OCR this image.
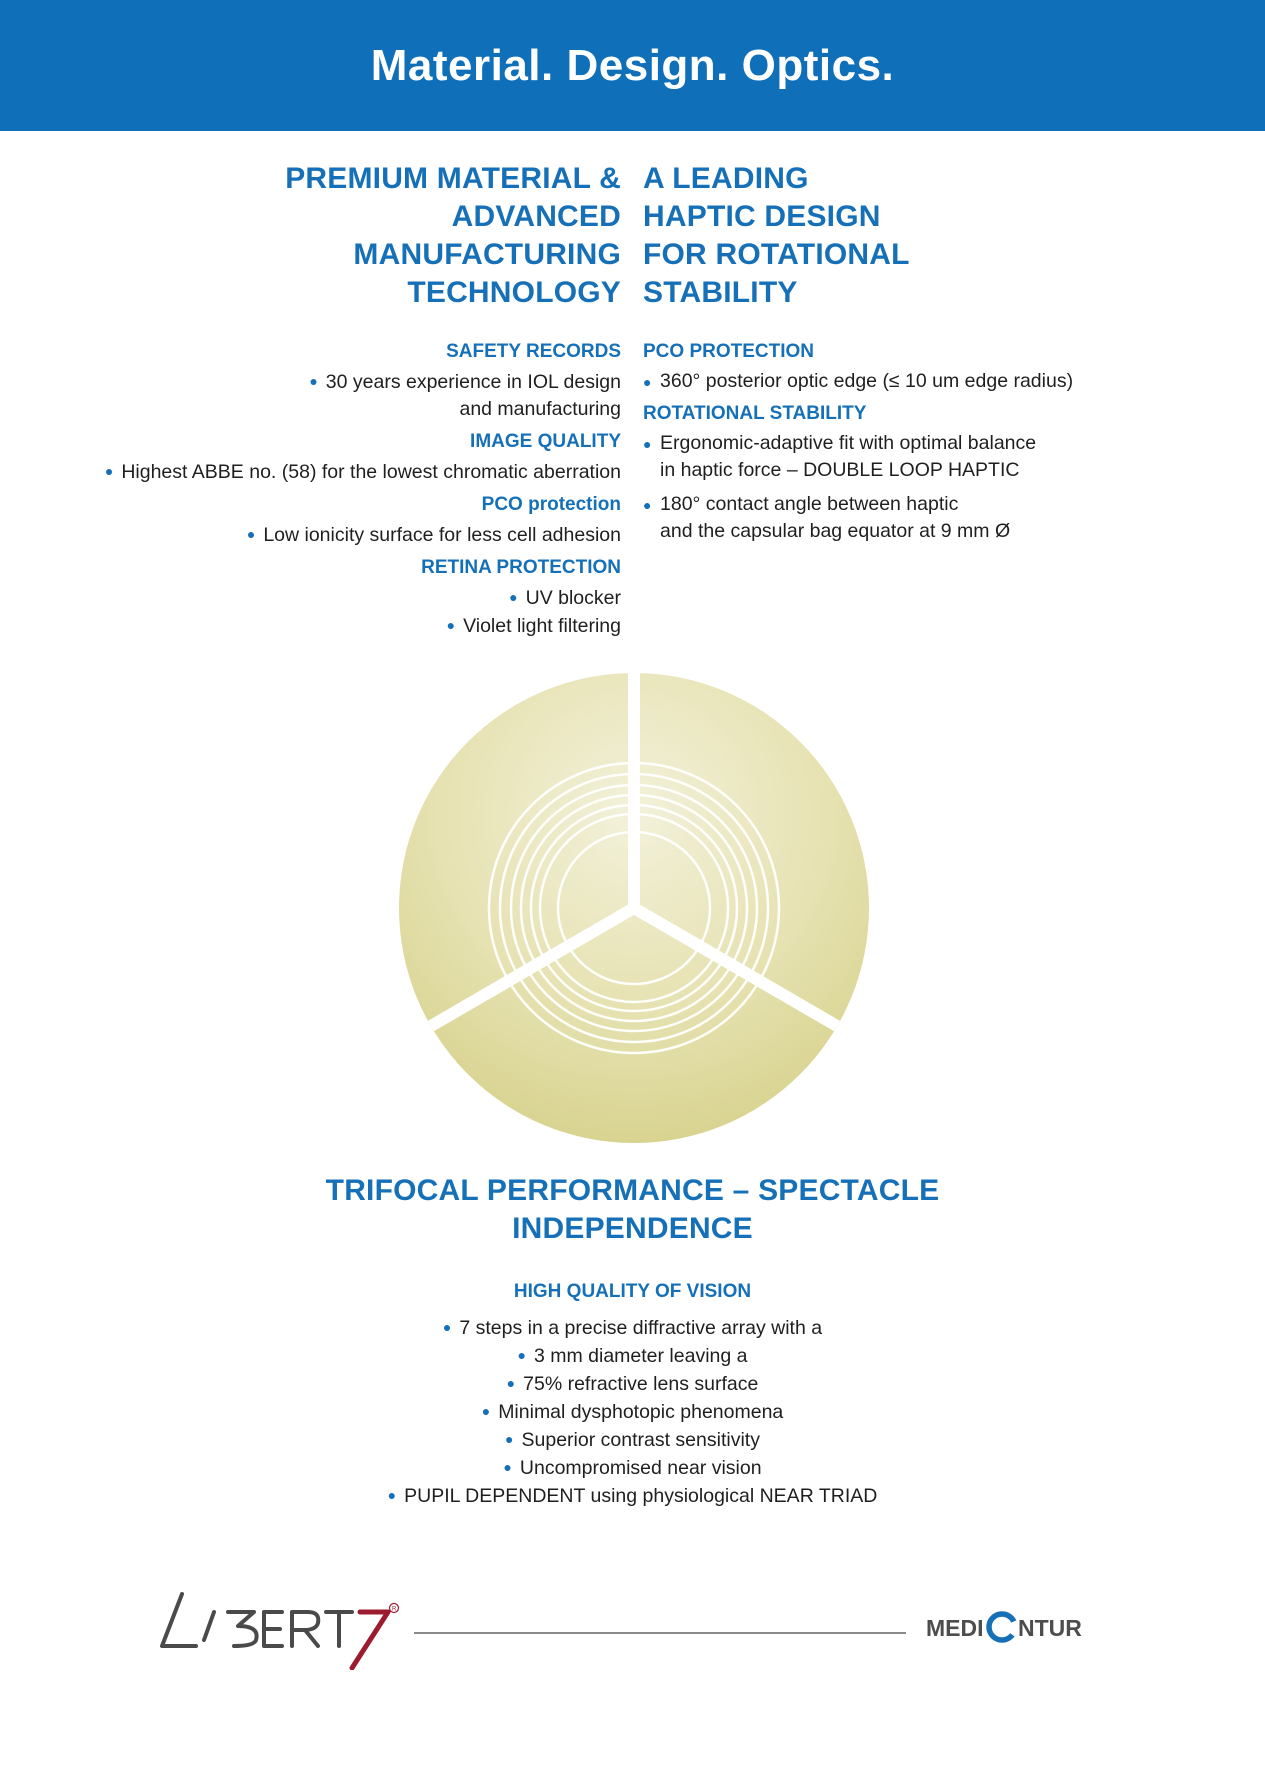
Material. Design. Optics.
PREMIUM MATERIAL &
ADVANCED
MANUFACTURING
TECHNOLOGY
SAFETY RECORDS
● 30 years experience in IOL design
and manufacturing
IMAGE QUALITY
● Highest ABBE no. (58) for the lowest chromatic aberration
PCO protection
● Low ionicity surface for less cell adhesion
RETINA PROTECTION
● UV blocker
● Violet light filtering
A LEADING
HAPTIC DESIGN
FOR ROTATIONAL
STABILITY
PCO PROTECTION
● 360° posterior optic edge (≤ 10 um edge radius)
ROTATIONAL STABILITY
● Ergonomic-adaptive fit with optimal balance
in haptic force – DOUBLE LOOP HAPTIC
● 180° contact angle between haptic
and the capsular bag equator at 9 mm Ø
TRIFOCAL PERFORMANCE – SPECTACLE
INDEPENDENCE
HIGH QUALITY OF VISION
● 7 steps in a precise diffractive array with a
● 3 mm diameter leaving a
● 75% refractive lens surface
● Minimal dysphotopic phenomena
● Superior contrast sensitivity
● Uncompromised near vision
● PUPIL DEPENDENT using physiological NEAR TRIAD
R
MEDI NTUR
